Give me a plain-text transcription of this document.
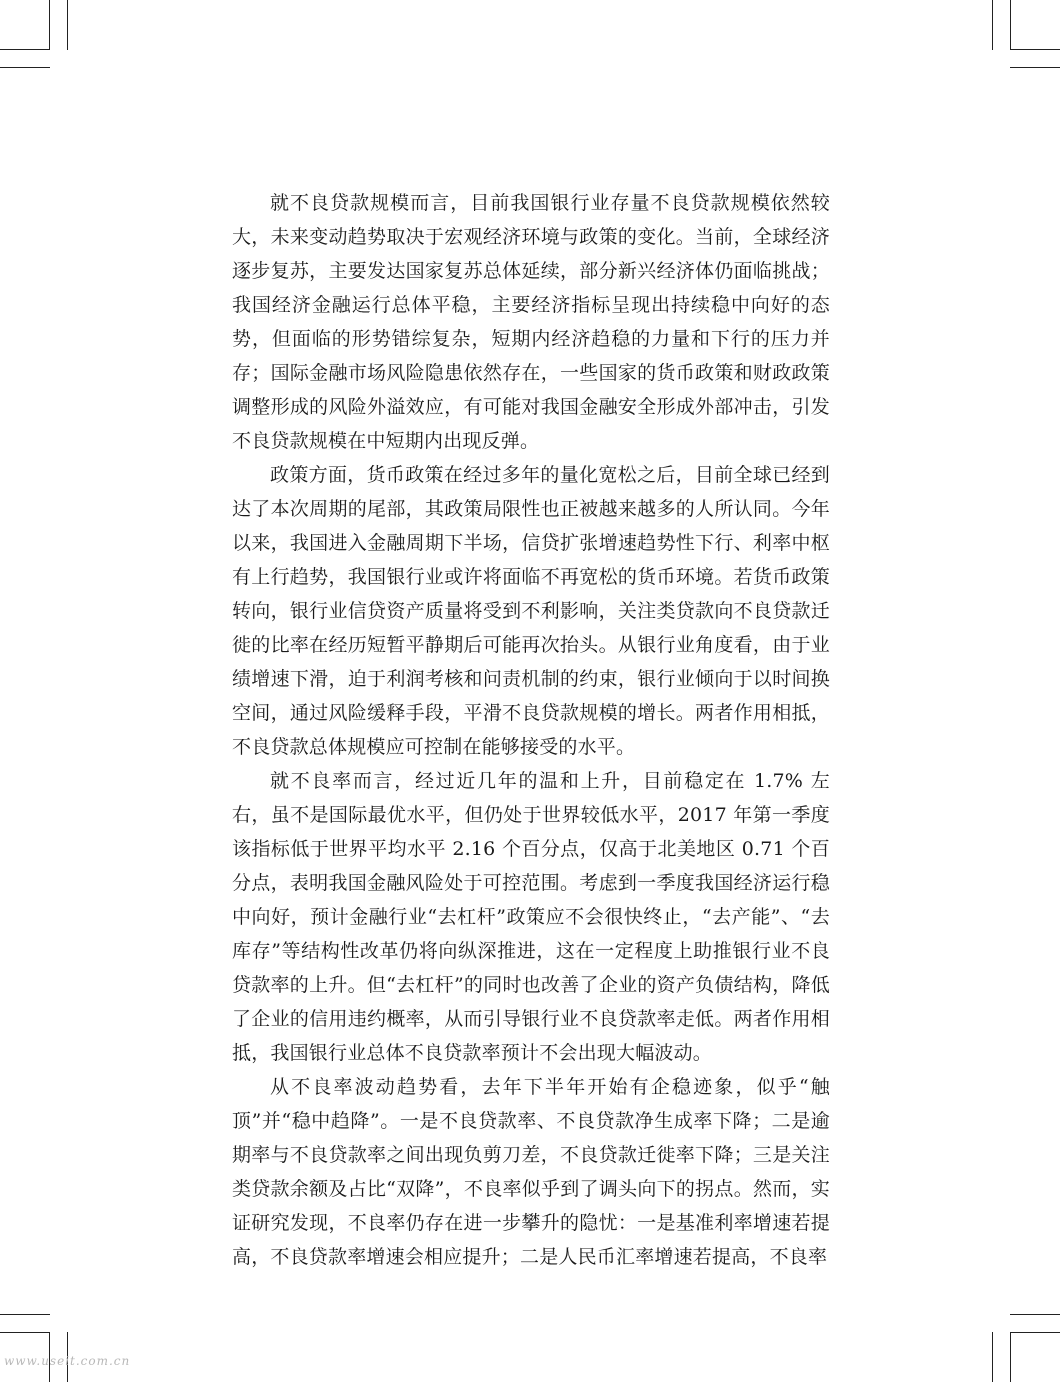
就不良贷款规模而言，目前我国银行业存量不良贷款规模依然较大，未来变动趋势取决于宏观经济环境与政策的变化。当前，全球经济逐步复苏，主要发达国家复苏总体延续，部分新兴经济体仍面临挑战；我国经济金融运行总体平稳，主要经济指标呈现出持续稳中向好的态势，但面临的形势错综复杂，短期内经济趋稳的力量和下行的压力并存；国际金融市场风险隐患依然存在，一些国家的货币政策和财政政策调整形成的风险外溢效应，有可能对我国金融安全形成外部冲击，引发不良贷款规模在中短期内出现反弹。

政策方面，货币政策在经过多年的量化宽松之后，目前全球已经到达了本次周期的尾部，其政策局限性也正被越来越多的人所认同。今年以来，我国进入金融周期下半场，信贷扩张增速趋势性下行、利率中枢有上行趋势，我国银行业或许将面临不再宽松的货币环境。若货币政策转向，银行业信贷资产质量将受到不利影响，关注类贷款向不良贷款迁徙的比率在经历短暂平静期后可能再次抬头。从银行业角度看，由于业绩增速下滑，迫于利润考核和问责机制的约束，银行业倾向于以时间换空间，通过风险缓释手段，平滑不良贷款规模的增长。两者作用相抵，不良贷款总体规模应可控制在能够接受的水平。

就不良率而言，经过近几年的温和上升，目前稳定在 1.7% 左右，虽不是国际最优水平，但仍处于世界较低水平，2017 年第一季度该指标低于世界平均水平 2.16 个百分点，仅高于北美地区 0.71 个百分点，表明我国金融风险处于可控范围。考虑到一季度我国经济运行稳中向好，预计金融行业“去杠杆”政策应不会很快终止，“去产能”、“去库存”等结构性改革仍将向纵深推进，这在一定程度上助推银行业不良贷款率的上升。但“去杠杆”的同时也改善了企业的资产负债结构，降低了企业的信用违约概率，从而引导银行业不良贷款率走低。两者作用相抵，我国银行业总体不良贷款率预计不会出现大幅波动。

从不良率波动趋势看，去年下半年开始有企稳迹象，似乎“触顶”并“稳中趋降”。一是不良贷款率、不良贷款净生成率下降；二是逾期率与不良贷款率之间出现负剪刀差，不良贷款迁徙率下降；三是关注类贷款余额及占比“双降”，不良率似乎到了调头向下的拐点。然而，实证研究发现，不良率仍存在进一步攀升的隐忧：一是基准利率增速若提高，不良贷款率增速会相应提升；二是人民币汇率增速若提高，不良率

www.useit.com.cn
